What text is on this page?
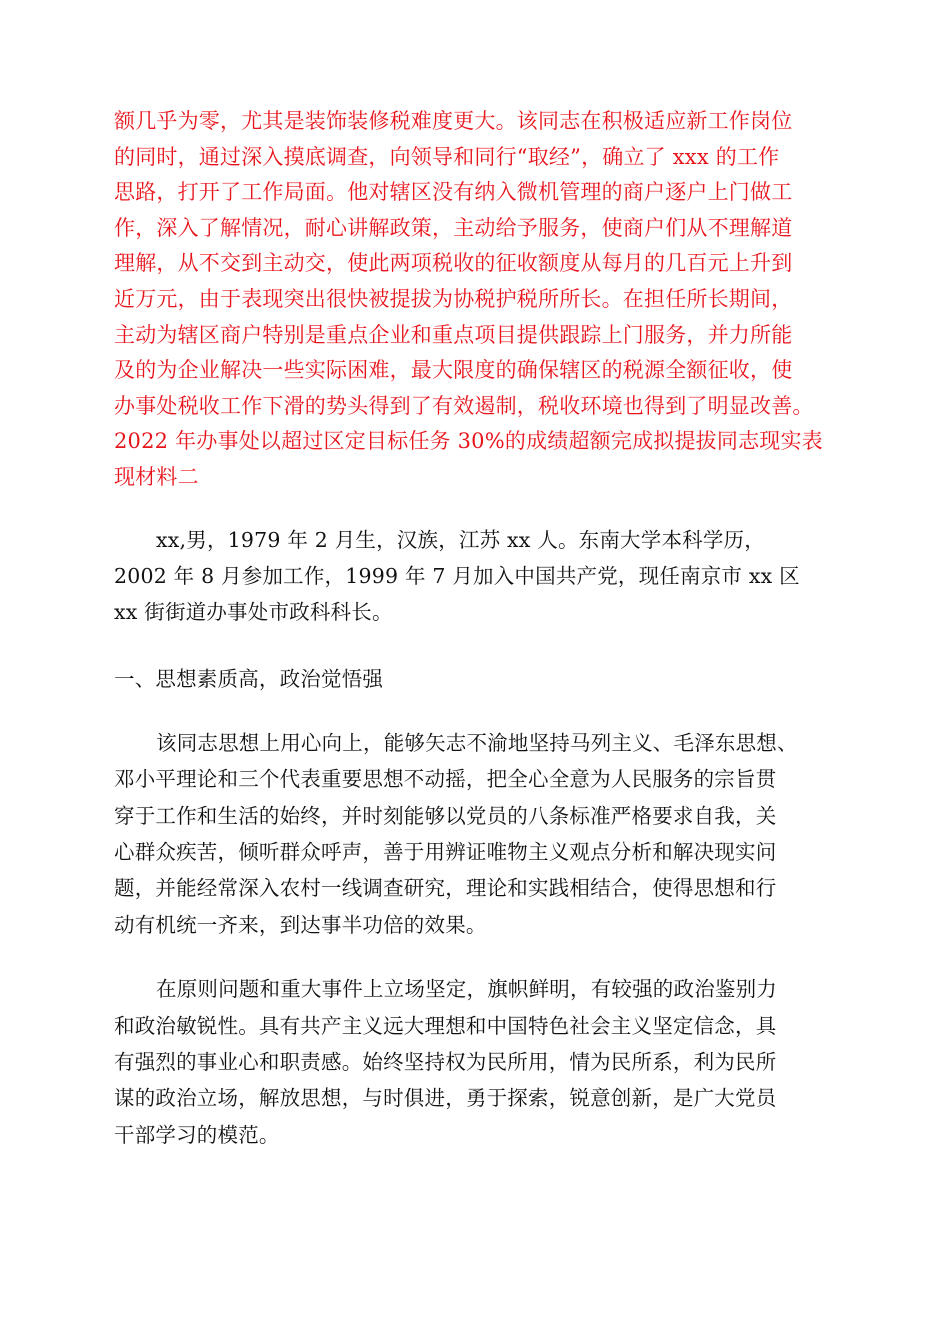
额几乎为零，尤其是装饰装修税难度更大。该同志在积极适应新工作岗位
的同时，通过深入摸底调查，向领导和同行“取经”，确立了 xxx 的工作
思路，打开了工作局面。他对辖区没有纳入微机管理的商户逐户上门做工
作，深入了解情况，耐心讲解政策，主动给予服务，使商户们从不理解道
理解，从不交到主动交，使此两项税收的征收额度从每月的几百元上升到
近万元，由于表现突出很快被提拔为协税护税所所长。在担任所长期间，
主动为辖区商户特别是重点企业和重点项目提供跟踪上门服务，并力所能
及的为企业解决一些实际困难，最大限度的确保辖区的税源全额征收，使
办事处税收工作下滑的势头得到了有效遏制，税收环境也得到了明显改善。
2022 年办事处以超过区定目标任务 30%的成绩超额完成拟提拔同志现实表
现材料二

xx,男，1979 年 2 月生，汉族，江苏 xx 人。东南大学本科学历，
2002 年 8 月参加工作，1999 年 7 月加入中国共产党，现任南京市 xx 区
xx 街街道办事处市政科科长。

一、思想素质高，政治觉悟强

该同志思想上用心向上，能够矢志不渝地坚持马列主义、毛泽东思想、
邓小平理论和三个代表重要思想不动摇，把全心全意为人民服务的宗旨贯
穿于工作和生活的始终，并时刻能够以党员的八条标准严格要求自我，关
心群众疾苦，倾听群众呼声，善于用辨证唯物主义观点分析和解决现实问
题，并能经常深入农村一线调查研究，理论和实践相结合，使得思想和行
动有机统一齐来，到达事半功倍的效果。

在原则问题和重大事件上立场坚定，旗帜鲜明，有较强的政治鉴别力
和政治敏锐性。具有共产主义远大理想和中国特色社会主义坚定信念，具
有强烈的事业心和职责感。始终坚持权为民所用，情为民所系，利为民所
谋的政治立场，解放思想，与时俱进，勇于探索，锐意创新，是广大党员
干部学习的模范。
